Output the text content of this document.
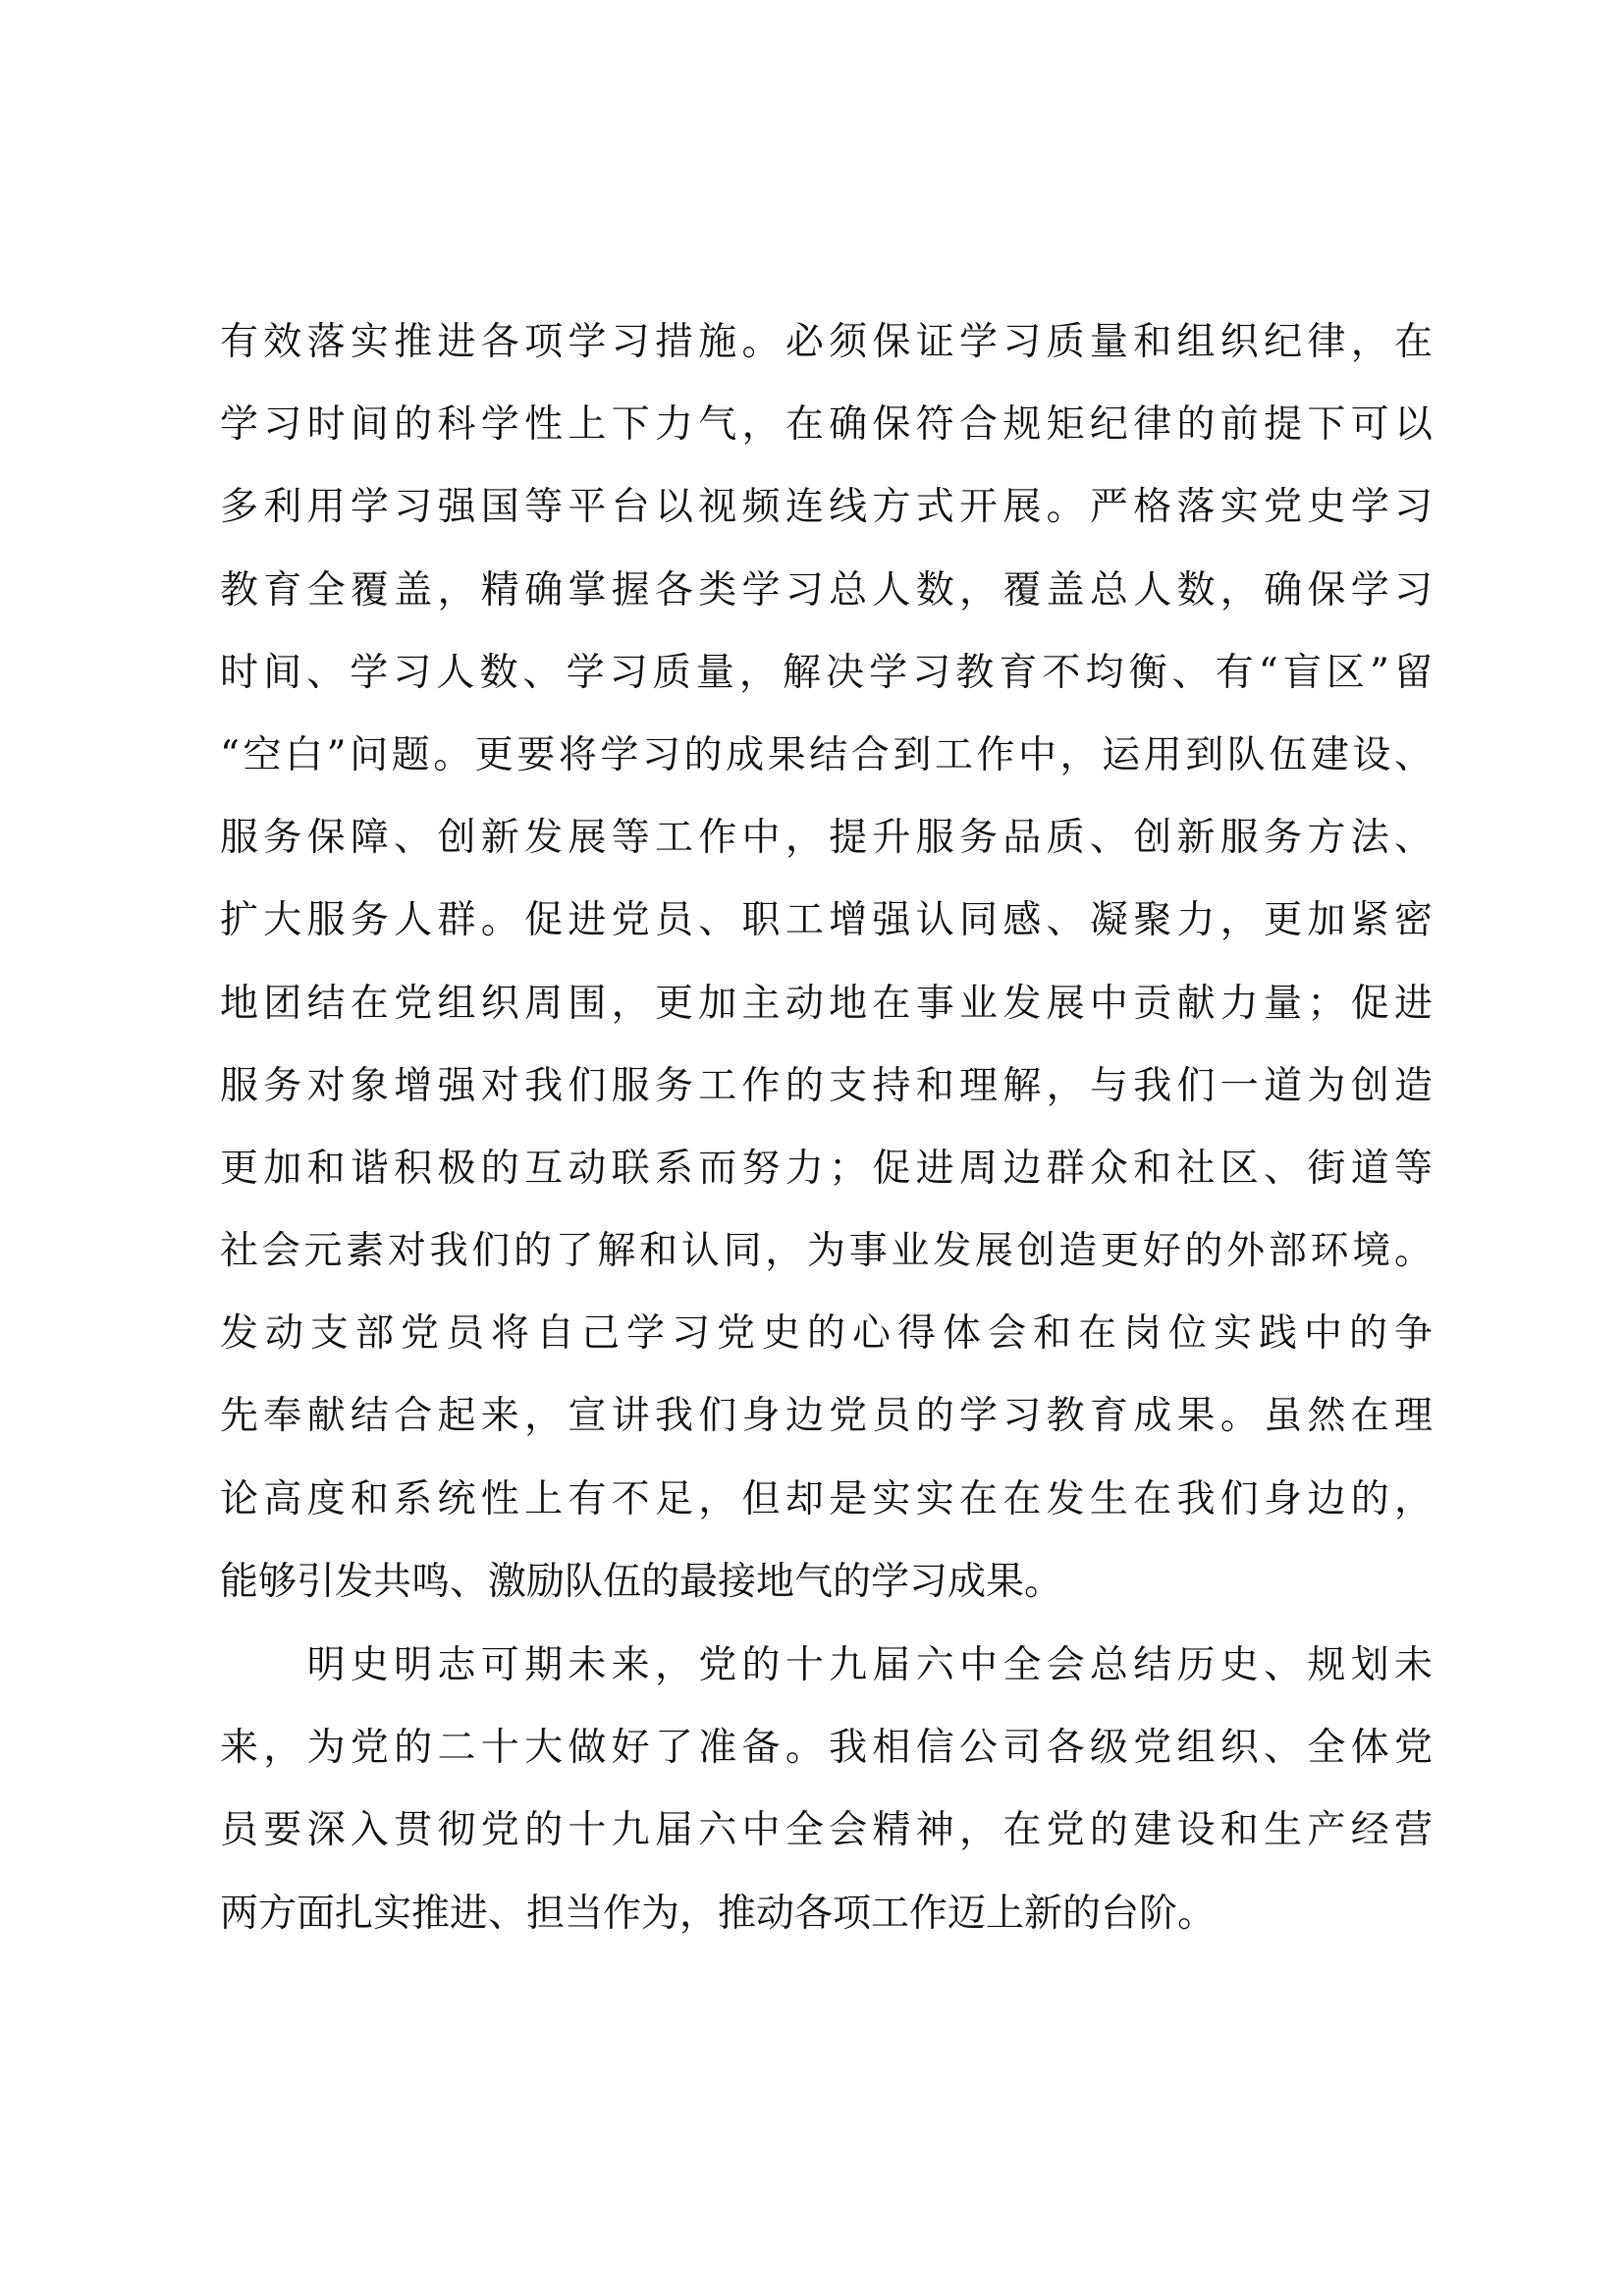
有效落实推进各项学习措施。必须保证学习质量和组织纪律，在
学习时间的科学性上下力气，在确保符合规矩纪律的前提下可以
多利用学习强国等平台以视频连线方式开展。严格落实党史学习
教育全覆盖，精确掌握各类学习总人数，覆盖总人数，确保学习
时间、学习人数、学习质量，解决学习教育不均衡、有“盲区”留
“空白”问题。更要将学习的成果结合到工作中，运用到队伍建设、
服务保障、创新发展等工作中，提升服务品质、创新服务方法、
扩大服务人群。促进党员、职工增强认同感、凝聚力，更加紧密
地团结在党组织周围，更加主动地在事业发展中贡献力量；促进
服务对象增强对我们服务工作的支持和理解，与我们一道为创造
更加和谐积极的互动联系而努力；促进周边群众和社区、街道等
社会元素对我们的了解和认同，为事业发展创造更好的外部环境。
发动支部党员将自己学习党史的心得体会和在岗位实践中的争
先奉献结合起来，宣讲我们身边党员的学习教育成果。虽然在理
论高度和系统性上有不足，但却是实实在在发生在我们身边的，
能够引发共鸣、激励队伍的最接地气的学习成果。
　　明史明志可期未来，党的十九届六中全会总结历史、规划未
来，为党的二十大做好了准备。我相信公司各级党组织、全体党
员要深入贯彻党的十九届六中全会精神，在党的建设和生产经营
两方面扎实推进、担当作为，推动各项工作迈上新的台阶。
